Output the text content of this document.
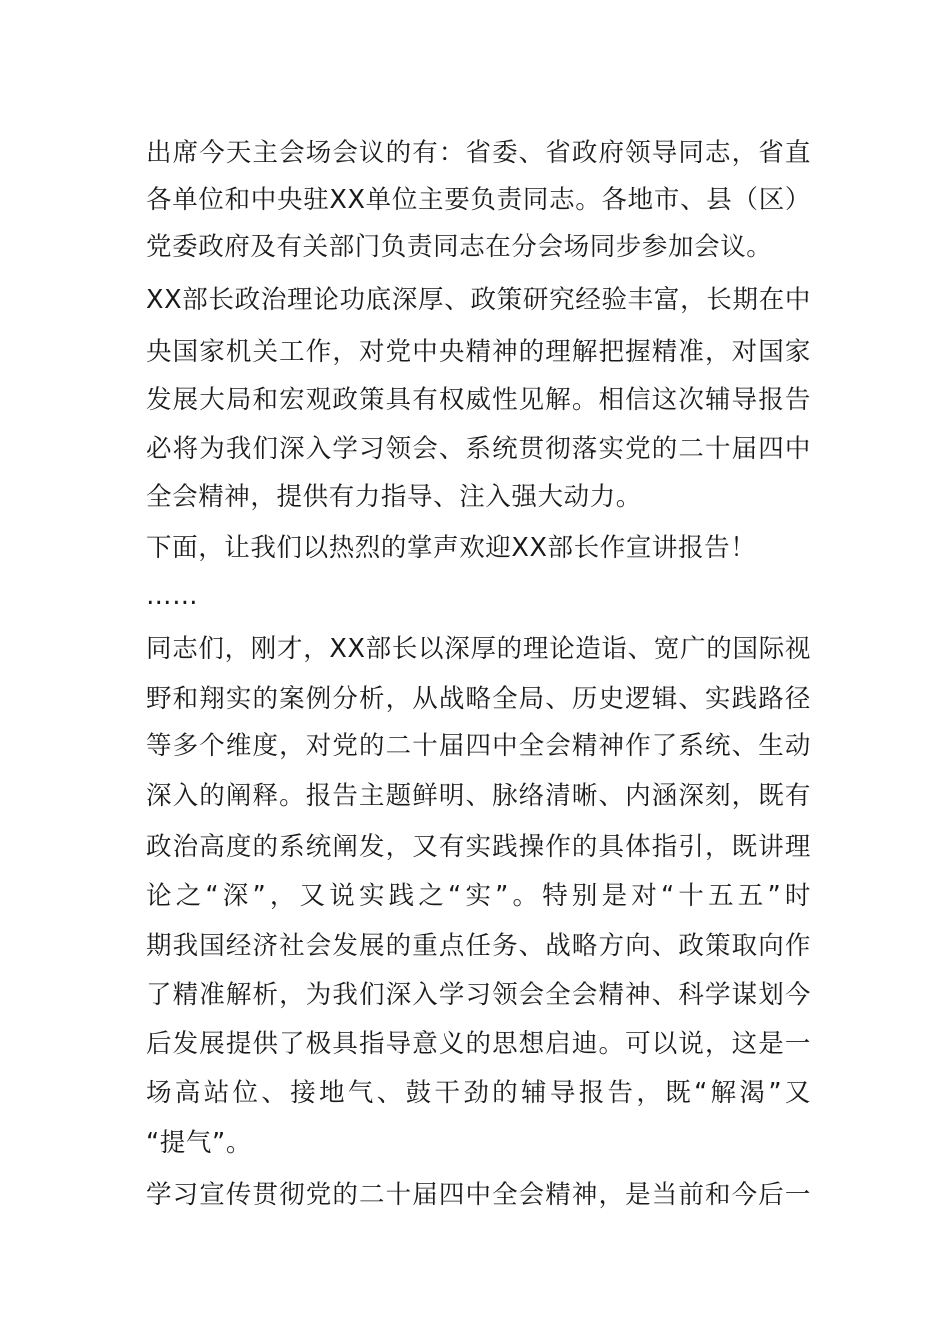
出席今天主会场会议的有：省委、省政府领导同志，省直
各单位和中央驻XX单位主要负责同志。各地市、县（区）
党委政府及有关部门负责同志在分会场同步参加会议。
XX部长政治理论功底深厚、政策研究经验丰富，长期在中
央国家机关工作，对党中央精神的理解把握精准，对国家
发展大局和宏观政策具有权威性见解。相信这次辅导报告
必将为我们深入学习领会、系统贯彻落实党的二十届四中
全会精神，提供有力指导、注入强大动力。
下面，让我们以热烈的掌声欢迎XX部长作宣讲报告！
……
同志们，刚才，XX部长以深厚的理论造诣、宽广的国际视
野和翔实的案例分析，从战略全局、历史逻辑、实践路径
等多个维度，对党的二十届四中全会精神作了系统、生动
深入的阐释。报告主题鲜明、脉络清晰、内涵深刻，既有
政治高度的系统阐发，又有实践操作的具体指引，既讲理
论之“深”，又说实践之“实”。特别是对“十五五”时
期我国经济社会发展的重点任务、战略方向、政策取向作
了精准解析，为我们深入学习领会全会精神、科学谋划今
后发展提供了极具指导意义的思想启迪。可以说，这是一
场高站位、接地气、鼓干劲的辅导报告，既“解渴”又
“提气”。
学习宣传贯彻党的二十届四中全会精神，是当前和今后一
